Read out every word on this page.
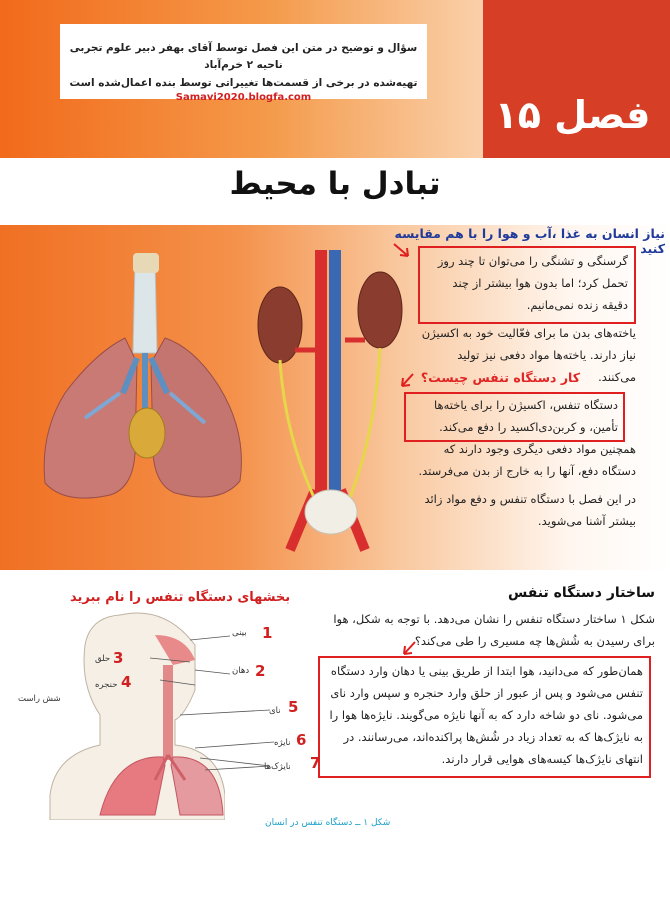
سؤال و توضیح در متن این فصل توسط آقای بهفر دبیر علوم تجربی ناحیه ۲ خرم‌آباد
تهیه‌شده در برخی از قسمت‌ها تغییراتی توسط بنده اعمال‌شده است
Samavi2020.blogfa.com	فصل ۱۵
تبادل با محیط
نیاز انسان به غذا ،آب و هوا را با هم مقایسه کنید
گرسنگی و تشنگی را می‌توان تا چند روز تحمل کرد؛ اما بدون هوا بیشتر از چند دقیقه زنده نمی‌مانیم.
یاخته‌های بدن ما برای فعّالیت خود به اکسیژن نیاز دارند. یاخته‌ها مواد دفعی نیز تولید می‌کنند.
کار دستگاه تنفس چیست؟
دستگاه تنفس، اکسیژن را برای یاخته‌ها تأمین، و کربن‌دی‌اکسید را دفع می‌کند.
همچنین مواد دفعی دیگری وجود دارند که دستگاه دفع، آنها را به خارج از بدن می‌فرستد.
در این فصل با دستگاه تنفس و دفع مواد زائد بیشتر آشنا می‌شوید.
ساختار دستگاه تنفس
شکل ۱ ساختار دستگاه تنفس را نشان می‌دهد. با توجه به شکل، هوا برای رسیدن به شُش‌ها چه مسیری را طی می‌کند؟
همان‌طور که می‌دانید، هوا ابتدا از طریق بینی یا دهان وارد دستگاه تنفس می‌شود و پس از عبور از حلق وارد حنجره و سپس وارد نای می‌شود. نای دو شاخه دارد که به آنها نایژه می‌گویند. نایژه‌ها هوا را به نایژک‌ها که به تعداد زیاد در شُش‌ها پراکنده‌اند، می‌رسانند. در انتهای نایژک‌ها کیسه‌های هوایی قرار دارند.
بخشهای دستگاه تنفس را نام ببرید
بینی 1
دهان 2
حلق 3
حنجره 4
شش راست
نای 5
نایژه 6
نایژک‌ها 7
شکل ۱ ــ دستگاه تنفس در انسان
